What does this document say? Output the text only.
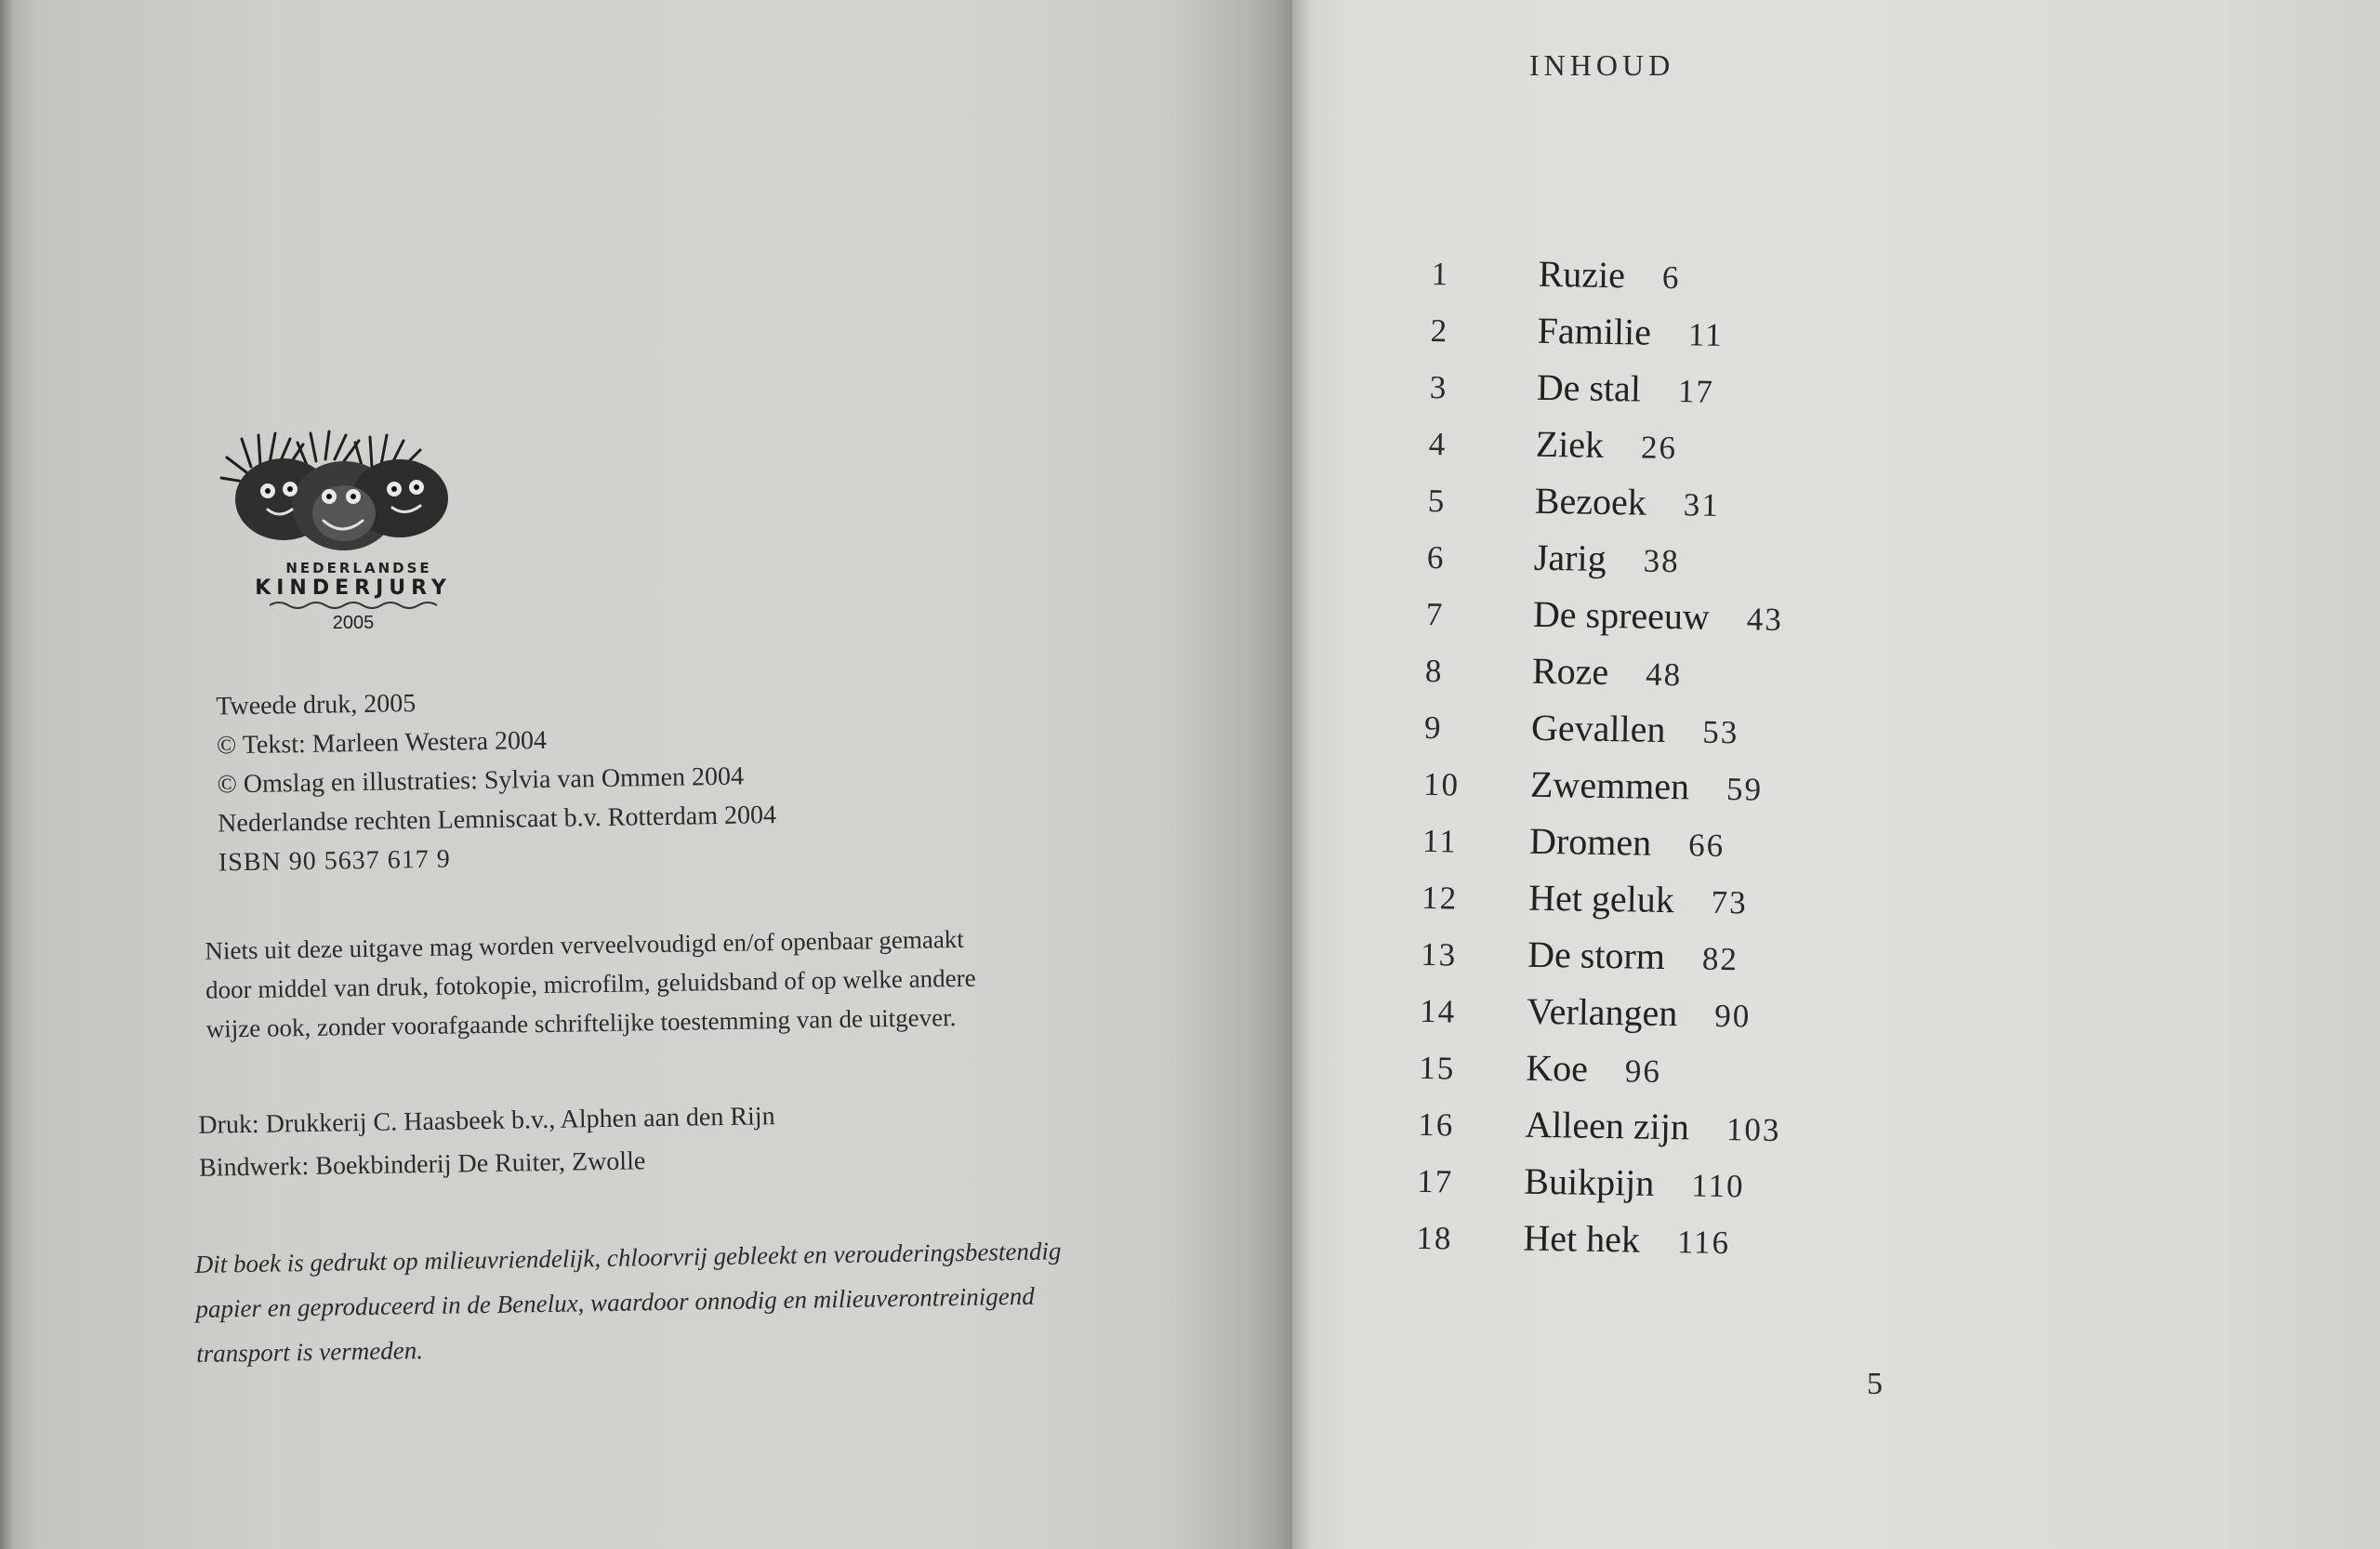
NEDERLANDSE
KINDERJURY
2005

Tweede druk, 2005

© Tekst: Marleen Westera 2004

© Omslag en illustraties: Sylvia van Ommen 2004

Nederlandse rechten Lemniscaat b.v. Rotterdam 2004

ISBN 90 5637 617 9

Niets uit deze uitgave mag worden verveelvoudigd en/of openbaar gemaakt

door middel van druk, fotokopie, microfilm, geluidsband of op welke andere

wijze ook, zonder voorafgaande schriftelijke toestemming van de uitgever.

Druk: Drukkerij C. Haasbeek b.v., Alphen aan den Rijn

Bindwerk: Boekbinderij De Ruiter, Zwolle

Dit boek is gedrukt op milieuvriendelijk, chloorvrij gebleekt en verouderingsbestendig

papier en geproduceerd in de Benelux, waardoor onnodig en milieuverontreinigend

transport is vermeden.

INHOUD
1 Ruzie 6
2 Familie 11
3 De stal 17
4 Ziek 26
5 Bezoek 31
6 Jarig 38
7 De spreeuw 43
8 Roze 48
9 Gevallen 53
10 Zwemmen 59
11 Dromen 66
12 Het geluk 73
13 De storm 82
14 Verlangen 90
15 Koe 96
16 Alleen zijn 103
17 Buikpijn 110
18 Het hek 116
5
